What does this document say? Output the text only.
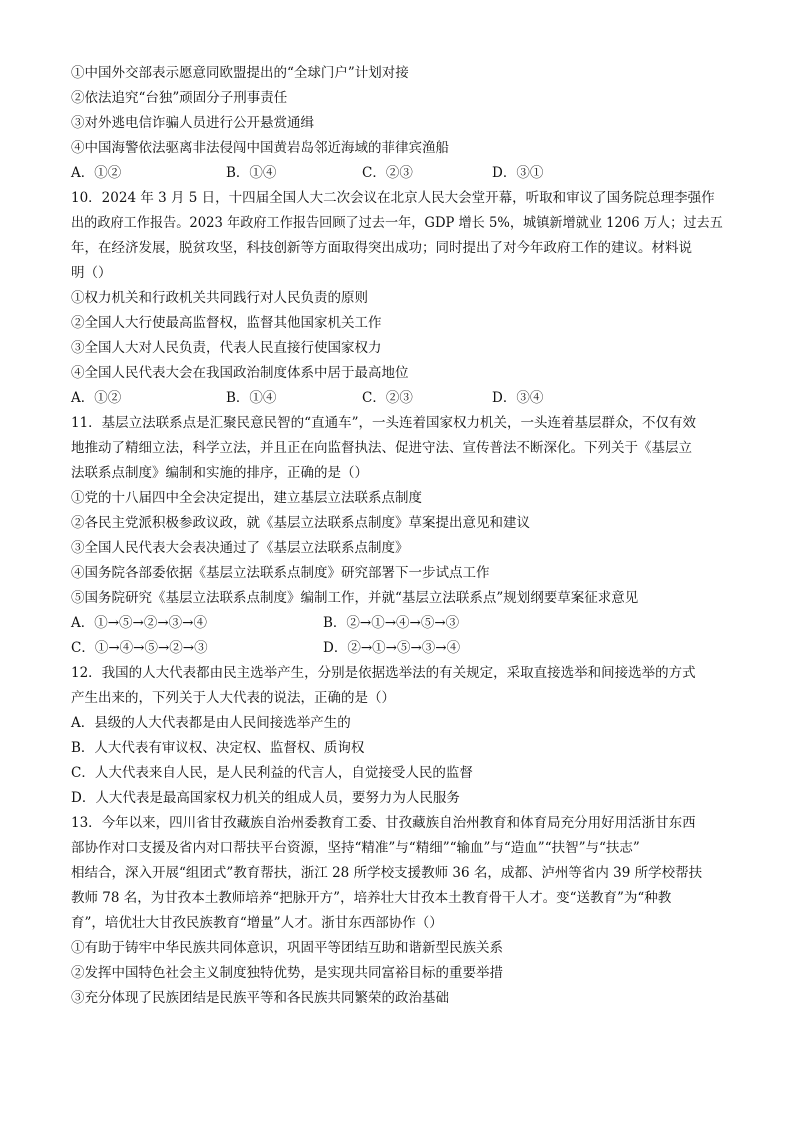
①中国外交部表示愿意同欧盟提出的“全球门户”计划对接
②依法追究“台独”顽固分子刑事责任
③对外逃电信诈骗人员进行公开悬赏通缉
④中国海警依法驱离非法侵闯中国黄岩岛邻近海域的菲律宾渔船
A．①②	B．①④	C．②③	D．③①
10．2024 年 3 月 5 日，十四届全国人大二次会议在北京人民大会堂开幕，听取和审议了国务院总理李强作
出的政府工作报告。2023 年政府工作报告回顾了过去一年，GDP 增长 5%，城镇新增就业 1206 万人；过去五
年，在经济发展，脱贫攻坚，科技创新等方面取得突出成功；同时提出了对今年政府工作的建议。材料说
明（）
①权力机关和行政机关共同践行对人民负责的原则
②全国人大行使最高监督权，监督其他国家机关工作
③全国人大对人民负责，代表人民直接行使国家权力
④全国人民代表大会在我国政治制度体系中居于最高地位
A．①②	B．①④	C．②③	D．③④
11．基层立法联系点是汇聚民意民智的“直通车”，一头连着国家权力机关，一头连着基层群众，不仅有效
地推动了精细立法，科学立法，并且正在向监督执法、促进守法、宣传普法不断深化。下列关于《基层立
法联系点制度》编制和实施的排序，正确的是（）
①党的十八届四中全会决定提出，建立基层立法联系点制度
②各民主党派积极参政议政，就《基层立法联系点制度》草案提出意见和建议
③全国人民代表大会表决通过了《基层立法联系点制度》
④国务院各部委依据《基层立法联系点制度》研究部署下一步试点工作
⑤国务院研究《基层立法联系点制度》编制工作，并就“基层立法联系点”规划纲要草案征求意见
A．①→⑤→②→③→④	B．②→①→④→⑤→③
C．①→④→⑤→②→③	D．②→①→⑤→③→④
12．我国的人大代表都由民主选举产生，分别是依据选举法的有关规定，采取直接选举和间接选举的方式
产生出来的，下列关于人大代表的说法，正确的是（）
A．县级的人大代表都是由人民间接选举产生的
B．人大代表有审议权、决定权、监督权、质询权
C．人大代表来自人民，是人民利益的代言人，自觉接受人民的监督
D．人大代表是最高国家权力机关的组成人员，要努力为人民服务
13．今年以来，四川省甘孜藏族自治州委教育工委、甘孜藏族自治州教育和体育局充分用好用活浙甘东西
部协作对口支援及省内对口帮扶平台资源，坚持“精准”与“精细”“输血”与“造血”“扶智”与“扶志”
相结合，深入开展“组团式”教育帮扶，浙江 28 所学校支援教师 36 名，成都、泸州等省内 39 所学校帮扶
教师 78 名，为甘孜本土教师培养“把脉开方”，培养壮大甘孜本土教育骨干人才。变“送教育”为“种教
育”，培优壮大甘孜民族教育“增量”人才。浙甘东西部协作（）
①有助于铸牢中华民族共同体意识，巩固平等团结互助和谐新型民族关系
②发挥中国特色社会主义制度独特优势，是实现共同富裕目标的重要举措
③充分体现了民族团结是民族平等和各民族共同繁荣的政治基础
